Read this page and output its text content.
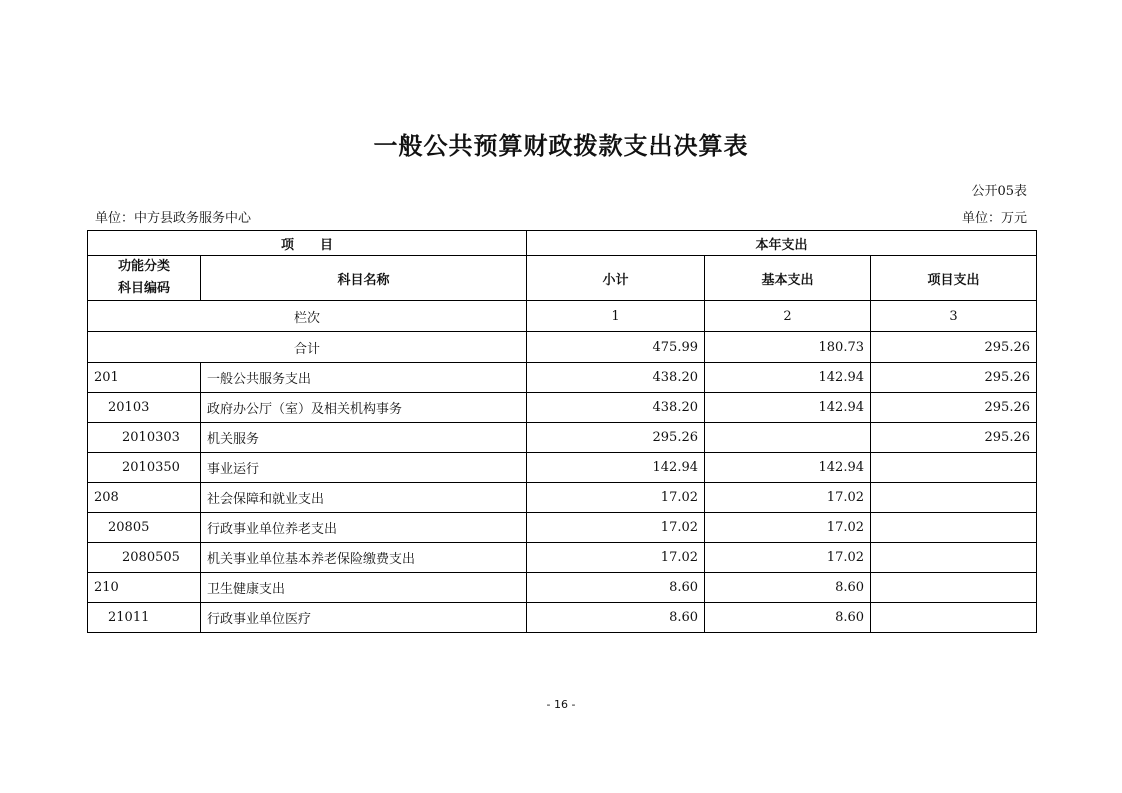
一般公共预算财政拨款支出决算表
公开05表
单位：中方县政务服务中心	单位：万元
项　　目		本年支出		
功能分类
科目编码	科目名称	小计	基本支出	项目支出
栏次		1	2	3
合计		475.99	180.73	295.26
201	一般公共服务支出	438.20	142.94	295.26
20103	政府办公厅（室）及相关机构事务	438.20	142.94	295.26
2010303	机关服务	295.26		295.26
2010350	事业运行	142.94	142.94	
208	社会保障和就业支出	17.02	17.02	
20805	行政事业单位养老支出	17.02	17.02	
2080505	机关事业单位基本养老保险缴费支出	17.02	17.02	
210	卫生健康支出	8.60	8.60	
21011	行政事业单位医疗	8.60	8.60	
- 16 -
